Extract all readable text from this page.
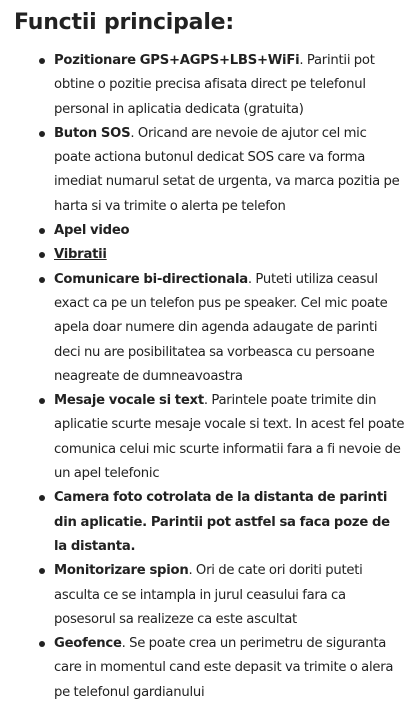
Functii principale:
Pozitionare GPS+AGPS+LBS+WiFi. Parintii pot obtine o pozitie precisa afisata direct pe telefonul personal in aplicatia dedicata (gratuita)
Buton SOS. Oricand are nevoie de ajutor cel mic poate actiona butonul dedicat SOS care va forma imediat numarul setat de urgenta, va marca pozitia pe harta si va trimite o alerta pe telefon
Apel video
Vibratii
Comunicare bi-directionala. Puteti utiliza ceasul exact ca pe un telefon pus pe speaker. Cel mic poate apela doar numere din agenda adaugate de parinti deci nu are posibilitatea sa vorbeasca cu persoane neagreate de dumneavoastra
Mesaje vocale si text. Parintele poate trimite din aplicatie scurte mesaje vocale si text. In acest fel poate comunica celui mic scurte informatii fara a fi nevoie de un apel telefonic
Camera foto cotrolata de la distanta de parinti din aplicatie. Parintii pot astfel sa faca poze de la distanta.
Monitorizare spion. Ori de cate ori doriti puteti asculta ce se intampla in jurul ceasului fara ca posesorul sa realizeze ca este ascultat
Geofence. Se poate crea un perimetru de siguranta care in momentul cand este depasit va trimite o alera pe telefonul gardianului
